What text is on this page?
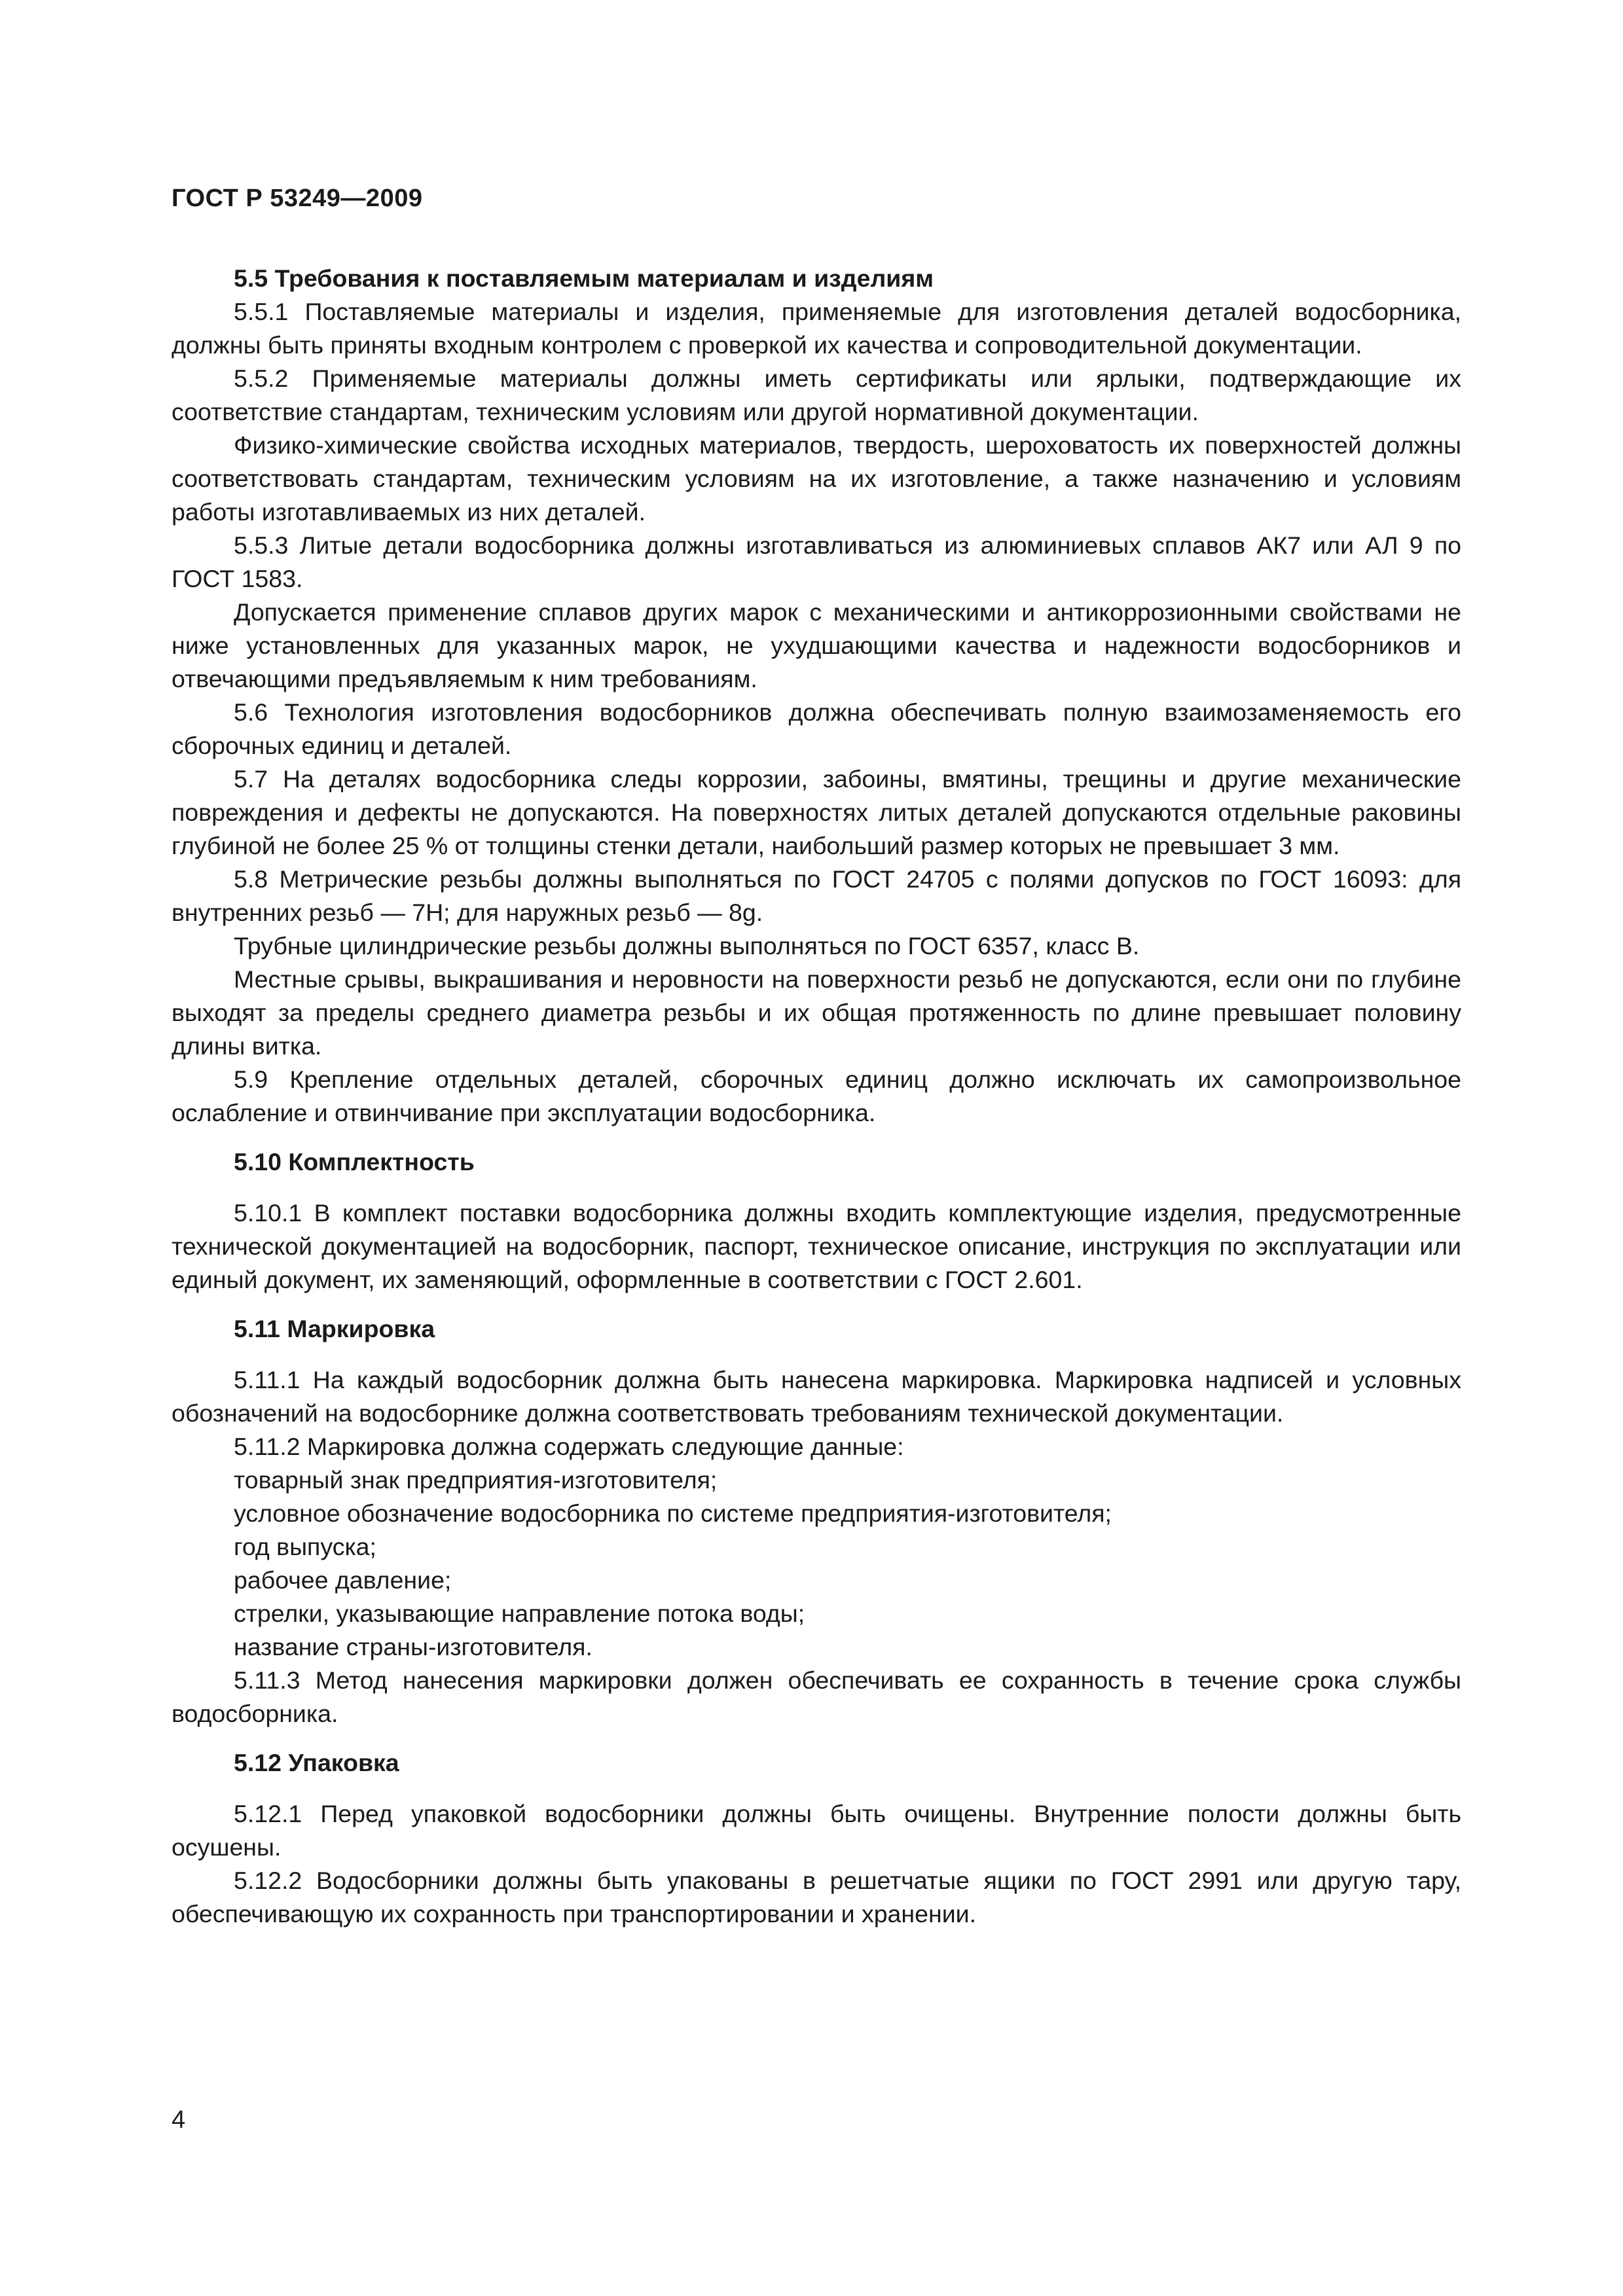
ГОСТ Р 53249—2009

5.5 Требования к поставляемым материалам и изделиям

5.5.1 Поставляемые материалы и изделия, применяемые для изготовления деталей водосборника, должны быть приняты входным контролем с проверкой их качества и сопроводительной документации.

5.5.2 Применяемые материалы должны иметь сертификаты или ярлыки, подтверждающие их соответствие стандартам, техническим условиям или другой нормативной документации.

Физико-химические свойства исходных материалов, твердость, шероховатость их поверхностей должны соответствовать стандартам, техническим условиям на их изготовление, а также назначению и условиям работы изготавливаемых из них деталей.

5.5.3 Литые детали водосборника должны изготавливаться из алюминиевых сплавов АК7 или АЛ 9 по ГОСТ 1583.

Допускается применение сплавов других марок с механическими и антикоррозионными свойствами не ниже установленных для указанных марок, не ухудшающими качества и надежности водосборников и отвечающими предъявляемым к ним требованиям.

5.6 Технология изготовления водосборников должна обеспечивать полную взаимозаменяемость его сборочных единиц и деталей.

5.7 На деталях водосборника следы коррозии, забоины, вмятины, трещины и другие механические повреждения и дефекты не допускаются. На поверхностях литых деталей допускаются отдельные раковины глубиной не более 25 % от толщины стенки детали, наибольший размер которых не превышает 3 мм.

5.8 Метрические резьбы должны выполняться по ГОСТ 24705 с полями допусков по ГОСТ 16093: для внутренних резьб — 7H; для наружных резьб — 8g.

Трубные цилиндрические резьбы должны выполняться по ГОСТ 6357, класс В.

Местные срывы, выкрашивания и неровности на поверхности резьб не допускаются, если они по глубине выходят за пределы среднего диаметра резьбы и их общая протяженность по длине превышает половину длины витка.

5.9 Крепление отдельных деталей, сборочных единиц должно исключать их самопроизвольное ослабление и отвинчивание при эксплуатации водосборника.

5.10 Комплектность

5.10.1 В комплект поставки водосборника должны входить комплектующие изделия, предусмотренные технической документацией на водосборник, паспорт, техническое описание, инструкция по эксплуатации или единый документ, их заменяющий, оформленные в соответствии с ГОСТ 2.601.

5.11 Маркировка

5.11.1 На каждый водосборник должна быть нанесена маркировка. Маркировка надписей и условных обозначений на водосборнике должна соответствовать требованиям технической документации.

5.11.2 Маркировка должна содержать следующие данные:

товарный знак предприятия-изготовителя;

условное обозначение водосборника по системе предприятия-изготовителя;

год выпуска;

рабочее давление;

стрелки, указывающие направление потока воды;

название страны-изготовителя.

5.11.3 Метод нанесения маркировки должен обеспечивать ее сохранность в течение срока службы водосборника.

5.12 Упаковка

5.12.1 Перед упаковкой водосборники должны быть очищены. Внутренние полости должны быть осушены.

5.12.2 Водосборники должны быть упакованы в решетчатые ящики по ГОСТ 2991 или другую тару, обеспечивающую их сохранность при транспортировании и хранении.

4
